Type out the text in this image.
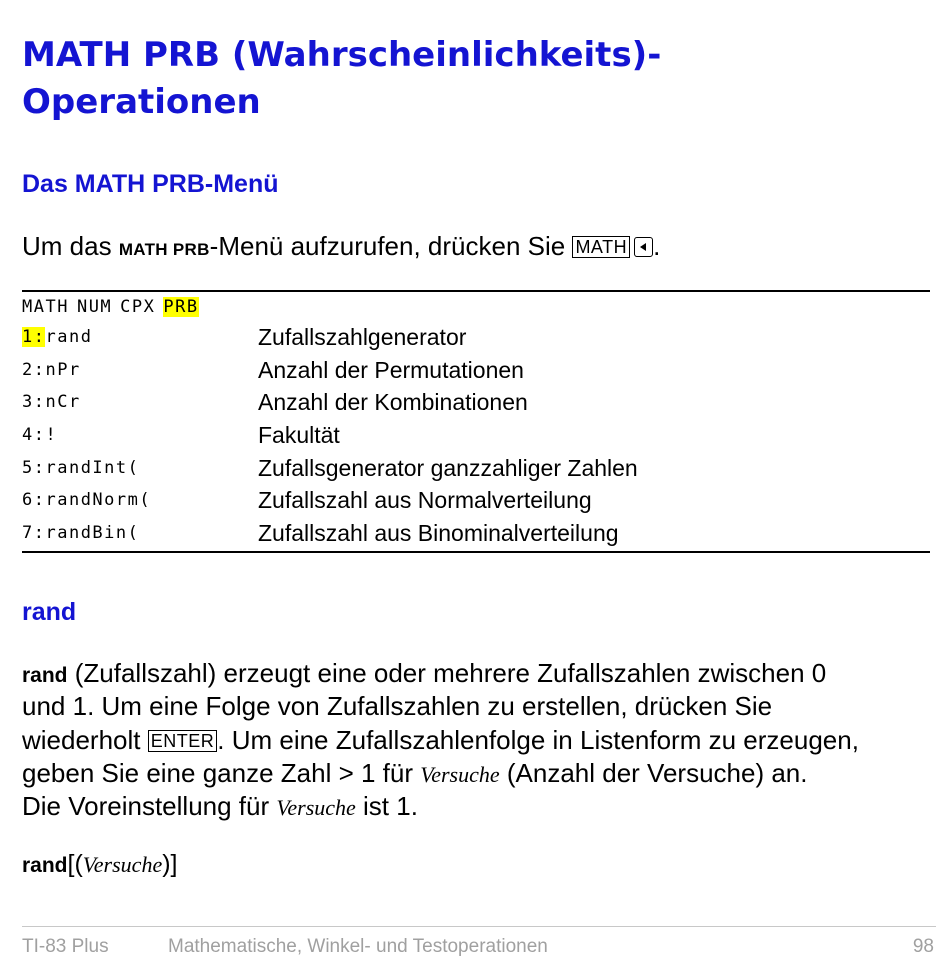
MATH PRB (Wahrscheinlichkeits)-
Operationen
Das MATH PRB-Menü

Um das MATH PRB-Menü aufzurufen, drücken Sie MATH .

MATH NUM CPX PRB
1:rand	Zufallszahlgenerator
2:nPr	Anzahl der Permutationen
3:nCr	Anzahl der Kombinationen
4:!	Fakultät
5:randInt(	Zufallsgenerator ganzzahliger Zahlen
6:randNorm(	Zufallszahl aus Normalverteilung
7:randBin(	Zufallszahl aus Binominalverteilung
rand

rand (Zufallszahl) erzeugt eine oder mehrere Zufallszahlen zwischen 0

und 1. Um eine Folge von Zufallszahlen zu erstellen, drücken Sie

wiederholt ENTER . Um eine Zufallszahlenfolge in Listenform zu erzeugen,

geben Sie eine ganze Zahl > 1 für Versuche (Anzahl der Versuche) an.

Die Voreinstellung für Versuche ist 1.

rand[(Versuche)]

TI-83 Plus	Mathematische, Winkel- und Testoperationen	98
